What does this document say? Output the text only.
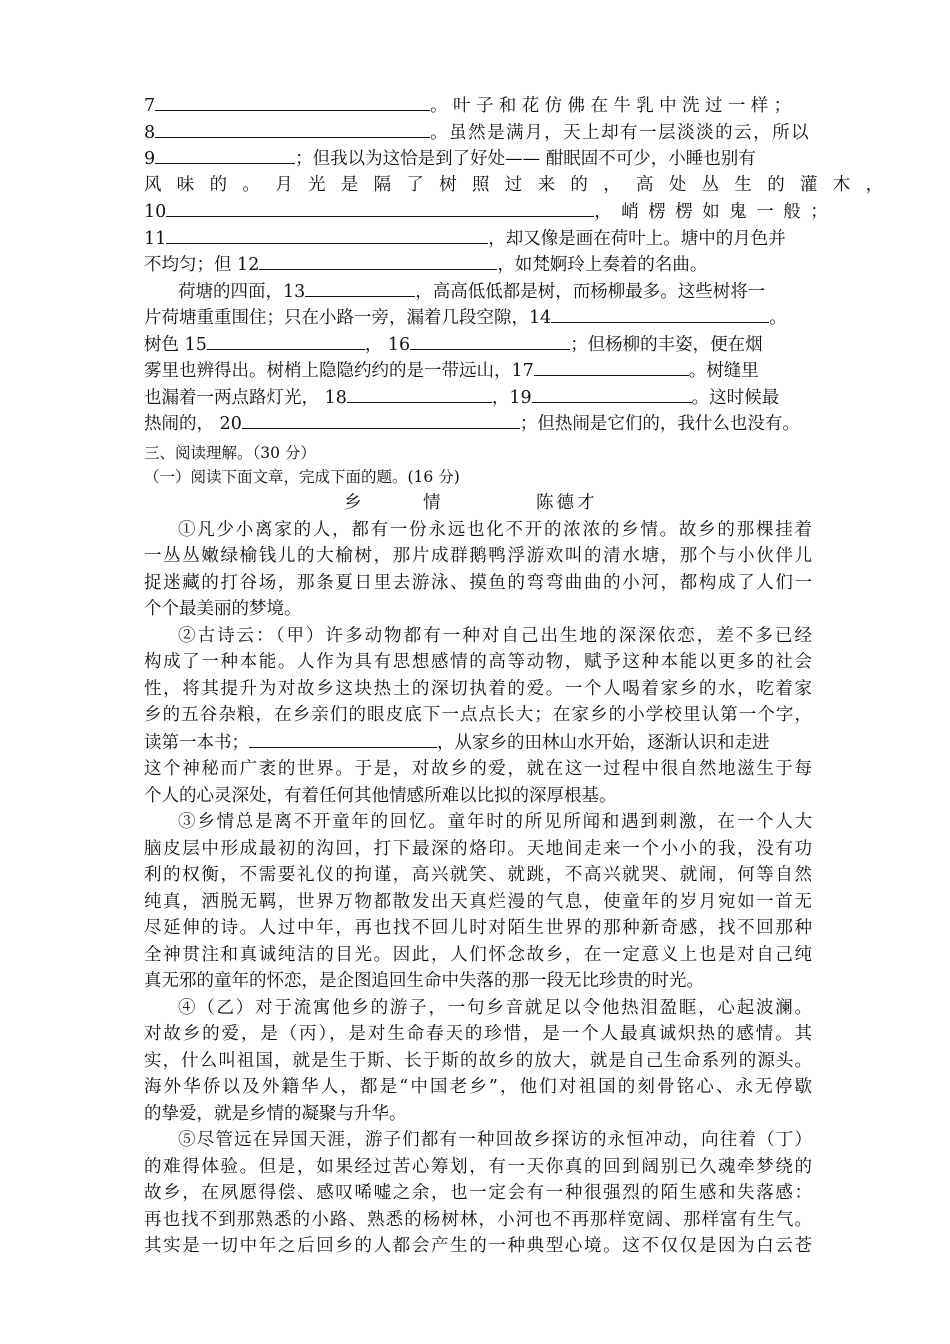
7	。叶子和花仿佛在牛乳中洗过一样；
8	。虽然是满月，天上却有一层淡淡的云，所以
9	；但我以为这恰是到了好处—— 酣眠固不可少，小睡也别有
风味的。月光是隔了树照过来的，高处丛生的灌木，
10	，峭楞楞如鬼一般；
11	，却又像是画在荷叶上。塘中的月色并
不均匀；但 12	，如梵婀玲上奏着的名曲。
荷塘的四面，13	，高高低低都是树，而杨柳最多。这些树将一
片荷塘重重围住；只在小路一旁，漏着几段空隙，14	。
树色 15	， 16	；但杨柳的丰姿，便在烟
雾里也辨得出。树梢上隐隐约约的是一带远山，17	。树缝里
也漏着一两点路灯光， 18	，19	。这时候最
热闹的， 20	；但热闹是它们的，我什么也没有。
三、阅读理解。（30 分）
（一）阅读下面文章，完成下面的题。(16 分)
乡　情	陈德才
①凡少小离家的人，都有一份永远也化不开的浓浓的乡情。故乡的那棵挂着
一丛丛嫩绿榆钱儿的大榆树，那片成群鹅鸭浮游欢叫的清水塘，那个与小伙伴儿
捉迷藏的打谷场，那条夏日里去游泳、摸鱼的弯弯曲曲的小河，都构成了人们一
个个最美丽的梦境。
②古诗云：（甲）许多动物都有一种对自己出生地的深深依恋，差不多已经
构成了一种本能。人作为具有思想感情的高等动物，赋予这种本能以更多的社会
性，将其提升为对故乡这块热土的深切执着的爱。一个人喝着家乡的水，吃着家
乡的五谷杂粮，在乡亲们的眼皮底下一点点长大；在家乡的小学校里认第一个字，
读第一本书；	，从家乡的田林山水开始，逐渐认识和走进
这个神秘而广袤的世界。于是，对故乡的爱，就在这一过程中很自然地滋生于每
个人的心灵深处，有着任何其他情感所难以比拟的深厚根基。
③乡情总是离不开童年的回忆。童年时的所见所闻和遇到刺激，在一个人大
脑皮层中形成最初的沟回，打下最深的烙印。天地间走来一个小小的我，没有功
利的权衡，不需要礼仪的拘谨，高兴就笑、就跳，不高兴就哭、就闹，何等自然
纯真，洒脱无羁，世界万物都散发出天真烂漫的气息，使童年的岁月宛如一首无
尽延伸的诗。人过中年，再也找不回儿时对陌生世界的那种新奇感，找不回那种
全神贯注和真诚纯洁的目光。因此，人们怀念故乡，在一定意义上也是对自己纯
真无邪的童年的怀恋，是企图追回生命中失落的那一段无比珍贵的时光。
④（乙）对于流寓他乡的游子，一句乡音就足以令他热泪盈眶，心起波澜。
对故乡的爱，是（丙），是对生命春天的珍惜，是一个人最真诚炽热的感情。其
实，什么叫祖国，就是生于斯、长于斯的故乡的放大，就是自己生命系列的源头。
海外华侨以及外籍华人，都是“中国老乡”，他们对祖国的刻骨铭心、永无停歇
的挚爱，就是乡情的凝聚与升华。
⑤尽管远在异国天涯，游子们都有一种回故乡探访的永恒冲动，向往着（丁）
的难得体验。但是，如果经过苦心筹划，有一天你真的回到阔别已久魂牵梦绕的
故乡，在夙愿得偿、感叹唏嘘之余，也一定会有一种很强烈的陌生感和失落感：
再也找不到那熟悉的小路、熟悉的杨树林，小河也不再那样宽阔、那样富有生气。
其实是一切中年之后回乡的人都会产生的一种典型心境。这不仅仅是因为白云苍
